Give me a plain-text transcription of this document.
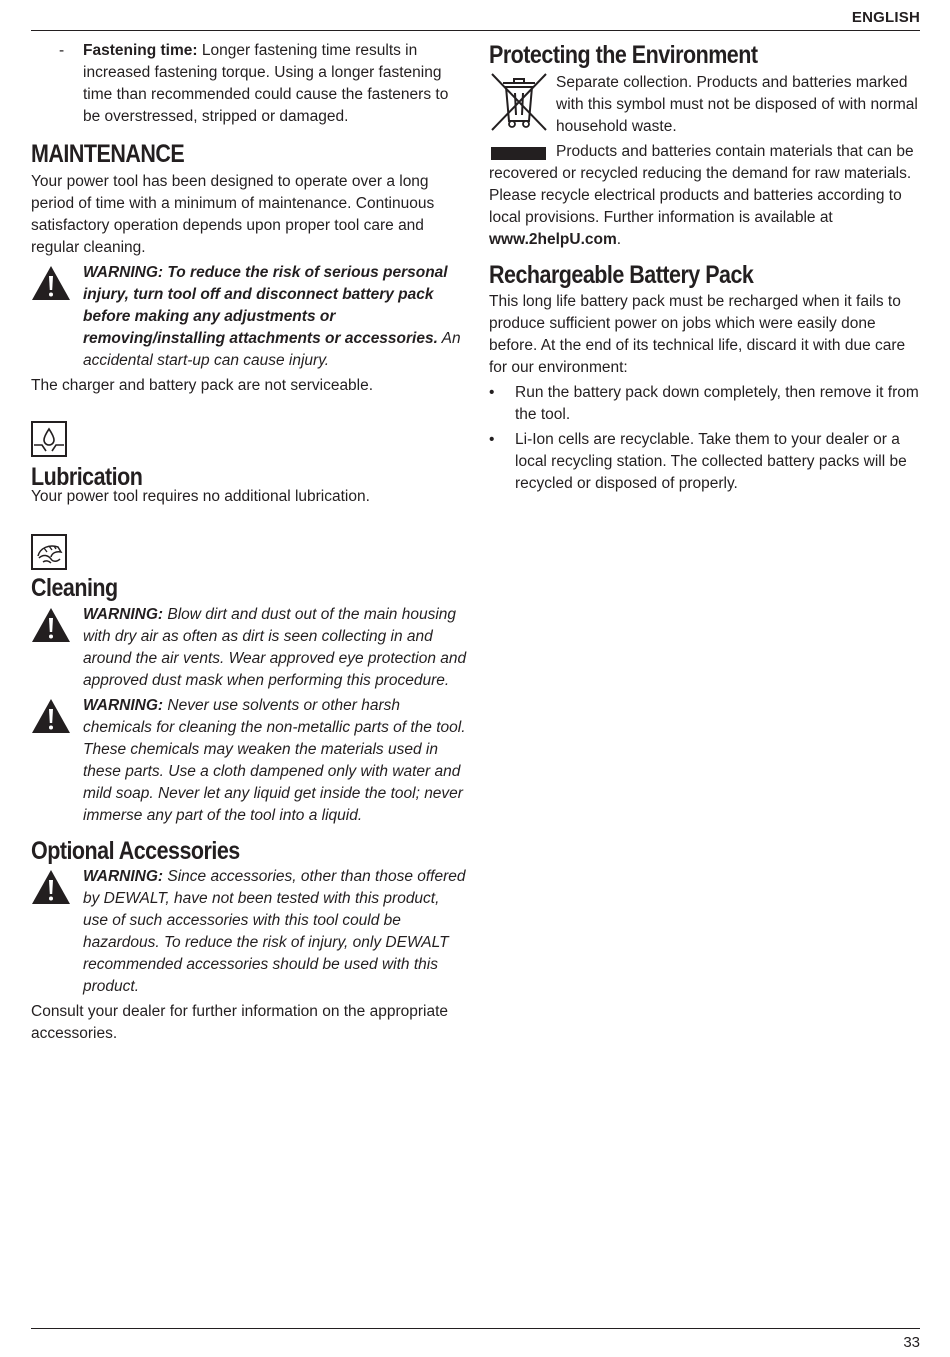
ENGLISH
- Fastening time: Longer fastening time results in increased fastening torque. Using a longer fastening time than recommended could cause the fasteners to be overstressed, stripped or damaged.
MAINTENANCE

Your power tool has been designed to operate over a long period of time with a minimum of maintenance. Continuous satisfactory operation depends upon proper tool care and regular cleaning.

WARNING: To reduce the risk of serious personal injury, turn tool off and disconnect battery pack before making any adjustments or removing/installing attachments or accessories. An accidental start-up can cause injury.

The charger and battery pack are not serviceable.

Lubrication

Your power tool requires no additional lubrication.

Cleaning
WARNING: Blow dirt and dust out of the main housing with dry air as often as dirt is seen collecting in and around the air vents. Wear approved eye protection and approved dust mask when performing this procedure.
WARNING: Never use solvents or other harsh chemicals for cleaning the non-metallic parts of the tool. These chemicals may weaken the materials used in these parts. Use a cloth dampened only with water and mild soap. Never let any liquid get inside the tool; never immerse any part of the tool into a liquid.
Optional Accessories
WARNING: Since accessories, other than those offered by DEWALT, have not been tested with this product, use of such accessories with this tool could be hazardous. To reduce the risk of injury, only DEWALT recommended accessories should be used with this product.

Consult your dealer for further information on the appropriate accessories.

Protecting the Environment
Separate collection. Products and batteries marked with this symbol must not be disposed of with normal household waste.
Products and batteries contain materials that can be recovered or recycled reducing the demand for raw materials. Please recycle electrical products and batteries according to local provisions. Further information is available at www.2helpU.com.
Rechargeable Battery Pack

This long life battery pack must be recharged when it fails to produce sufficient power on jobs which were easily done before. At the end of its technical life, discard it with due care for our environment:

• Run the battery pack down completely, then remove it from the tool.
• Li-Ion cells are recyclable. Take them to your dealer or a local recycling station. The collected battery packs will be recycled or disposed of properly.
33
